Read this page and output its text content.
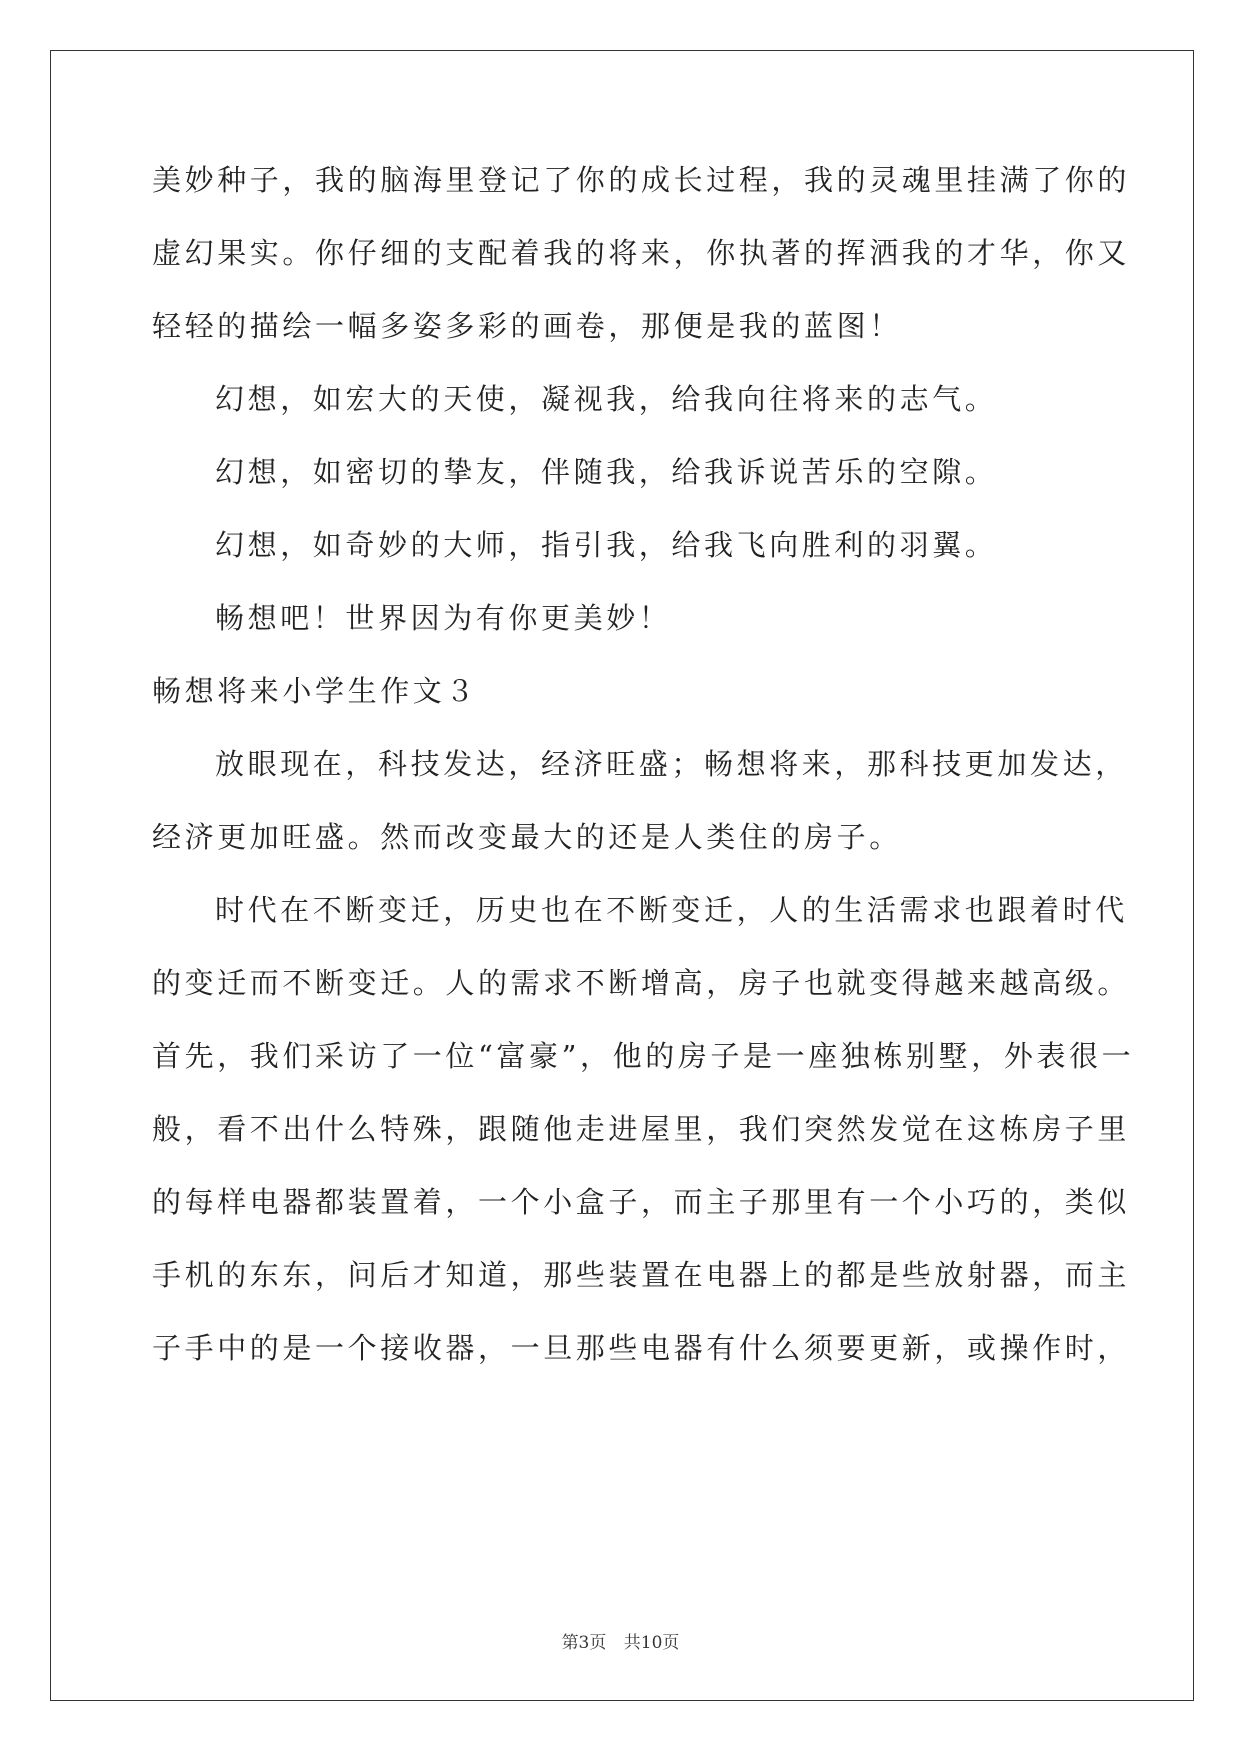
美妙种子，我的脑海里登记了你的成长过程，我的灵魂里挂满了你的
虚幻果实。你仔细的支配着我的将来，你执著的挥洒我的才华，你又
轻轻的描绘一幅多姿多彩的画卷，那便是我的蓝图！
幻想，如宏大的天使，凝视我，给我向往将来的志气。
幻想，如密切的挚友，伴随我，给我诉说苦乐的空隙。
幻想，如奇妙的大师，指引我，给我飞向胜利的羽翼。
畅想吧！世界因为有你更美妙！
畅想将来小学生作文３
放眼现在，科技发达，经济旺盛；畅想将来，那科技更加发达，
经济更加旺盛。然而改变最大的还是人类住的房子。
时代在不断变迁，历史也在不断变迁，人的生活需求也跟着时代
的变迁而不断变迁。人的需求不断增高，房子也就变得越来越高级。
首先，我们采访了一位“富豪”，他的房子是一座独栋别墅，外表很一
般，看不出什么特殊，跟随他走进屋里，我们突然发觉在这栋房子里
的每样电器都装置着，一个小盒子，而主子那里有一个小巧的，类似
手机的东东，问后才知道，那些装置在电器上的都是些放射器，而主
子手中的是一个接收器，一旦那些电器有什么须要更新，或操作时，
第3页 共10页
